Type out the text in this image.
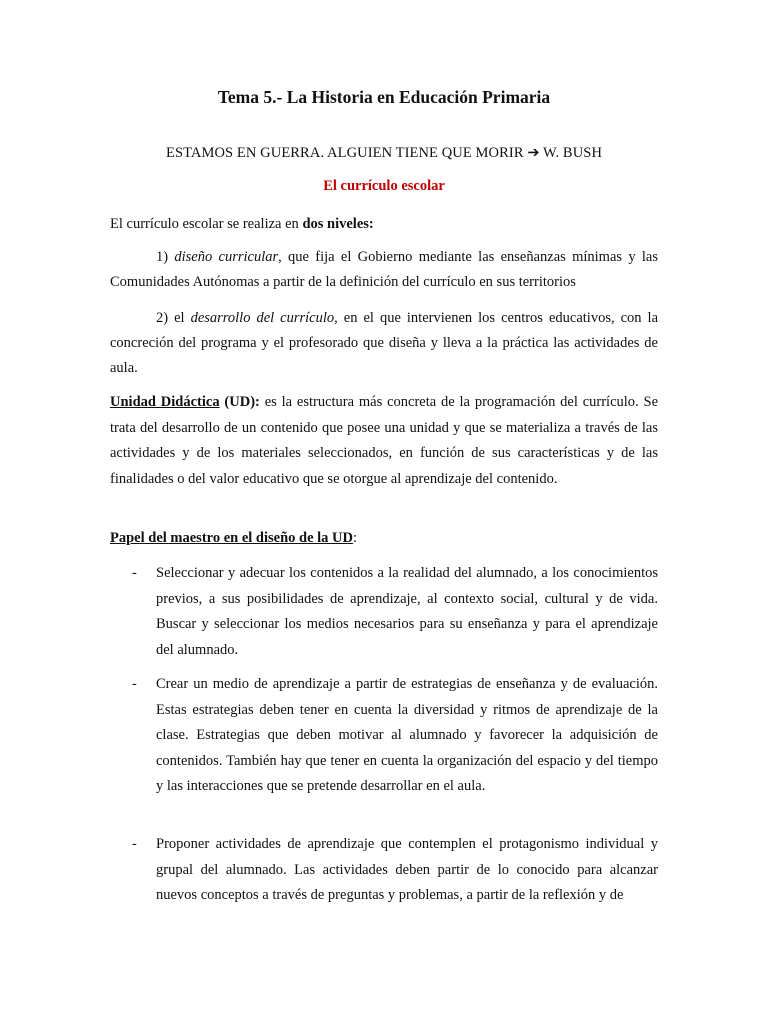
Tema 5.- La Historia en Educación Primaria
ESTAMOS EN GUERRA. ALGUIEN TIENE QUE MORIR ➔ W. BUSH
El currículo escolar
El currículo escolar se realiza en dos niveles:
1) diseño curricular, que fija el Gobierno mediante las enseñanzas mínimas y las Comunidades Autónomas a partir de la definición del currículo en sus territorios
2) el desarrollo del currículo, en el que intervienen los centros educativos, con la concreción del programa y el profesorado que diseña y lleva a la práctica las actividades de aula.
Unidad Didáctica (UD): es la estructura más concreta de la programación del currículo. Se trata del desarrollo de un contenido que posee una unidad y que se materializa a través de las actividades y de los materiales seleccionados, en función de sus características y de las finalidades o del valor educativo que se otorgue al aprendizaje del contenido.
Papel del maestro en el diseño de la UD:
- Seleccionar y adecuar los contenidos a la realidad del alumnado, a los conocimientos previos, a sus posibilidades de aprendizaje, al contexto social, cultural y de vida. Buscar y seleccionar los medios necesarios para su enseñanza y para el aprendizaje del alumnado.
- Crear un medio de aprendizaje a partir de estrategias de enseñanza y de evaluación. Estas estrategias deben tener en cuenta la diversidad y ritmos de aprendizaje de la clase. Estrategias que deben motivar al alumnado y favorecer la adquisición de contenidos. También hay que tener en cuenta la organización del espacio y del tiempo y las interacciones que se pretende desarrollar en el aula.
- Proponer actividades de aprendizaje que contemplen el protagonismo individual y grupal del alumnado. Las actividades deben partir de lo conocido para alcanzar nuevos conceptos a través de preguntas y problemas, a partir de la reflexión y de
